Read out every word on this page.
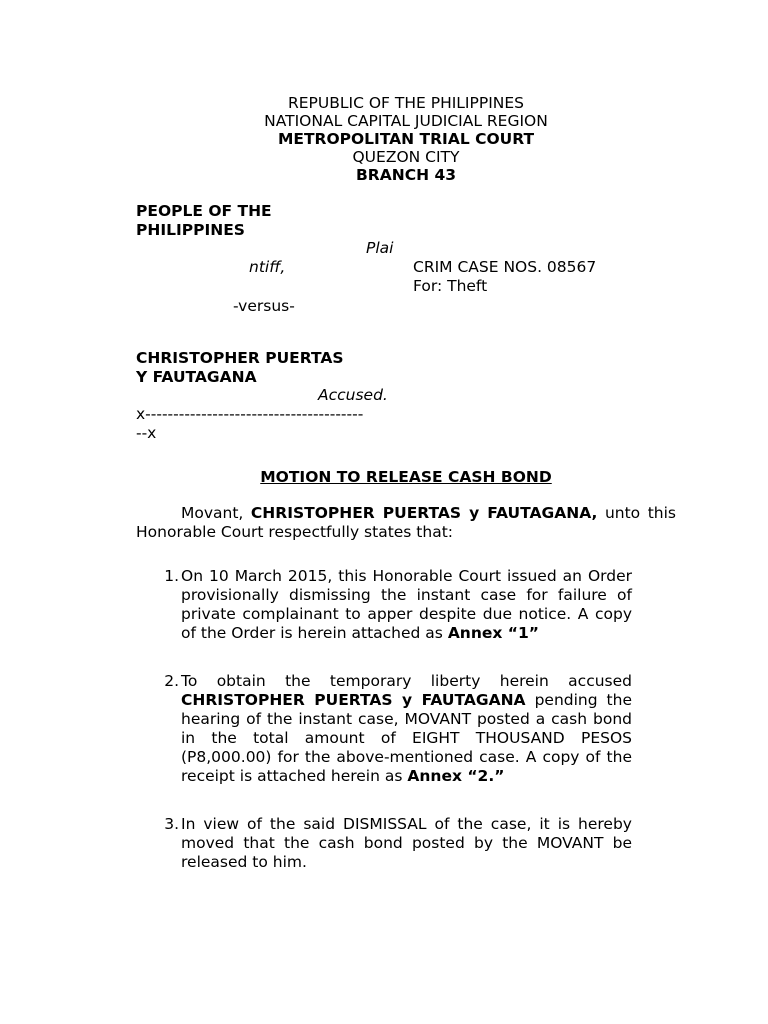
REPUBLIC OF THE PHILIPPINES
NATIONAL CAPITAL JUDICIAL REGION
METROPOLITAN TRIAL COURT
QUEZON CITY
BRANCH 43
PEOPLE OF THE
PHILIPPINES
Plai
ntiff,	CRIM CASE NOS. 08567
For: Theft
-versus-
CHRISTOPHER PUERTAS
Y FAUTAGANA
Accused.
x---------------------------------------
--x
MOTION TO RELEASE CASH BOND
Movant, CHRISTOPHER PUERTAS y FAUTAGANA, unto this Honorable Court respectfully states that:
1. On 10 March 2015, this Honorable Court issued an Order provisionally dismissing the instant case for failure of private complainant to apper despite due notice. A copy of the Order is herein attached as Annex “1”
2. To obtain the temporary liberty herein accused CHRISTOPHER PUERTAS y FAUTAGANA pending the hearing of the instant case, MOVANT posted a cash bond in the total amount of EIGHT THOUSAND PESOS (P8,000.00) for the above-mentioned case. A copy of the receipt is attached herein as Annex “2.”
3. In view of the said DISMISSAL of the case, it is hereby moved that the cash bond posted by the MOVANT be released to him.
